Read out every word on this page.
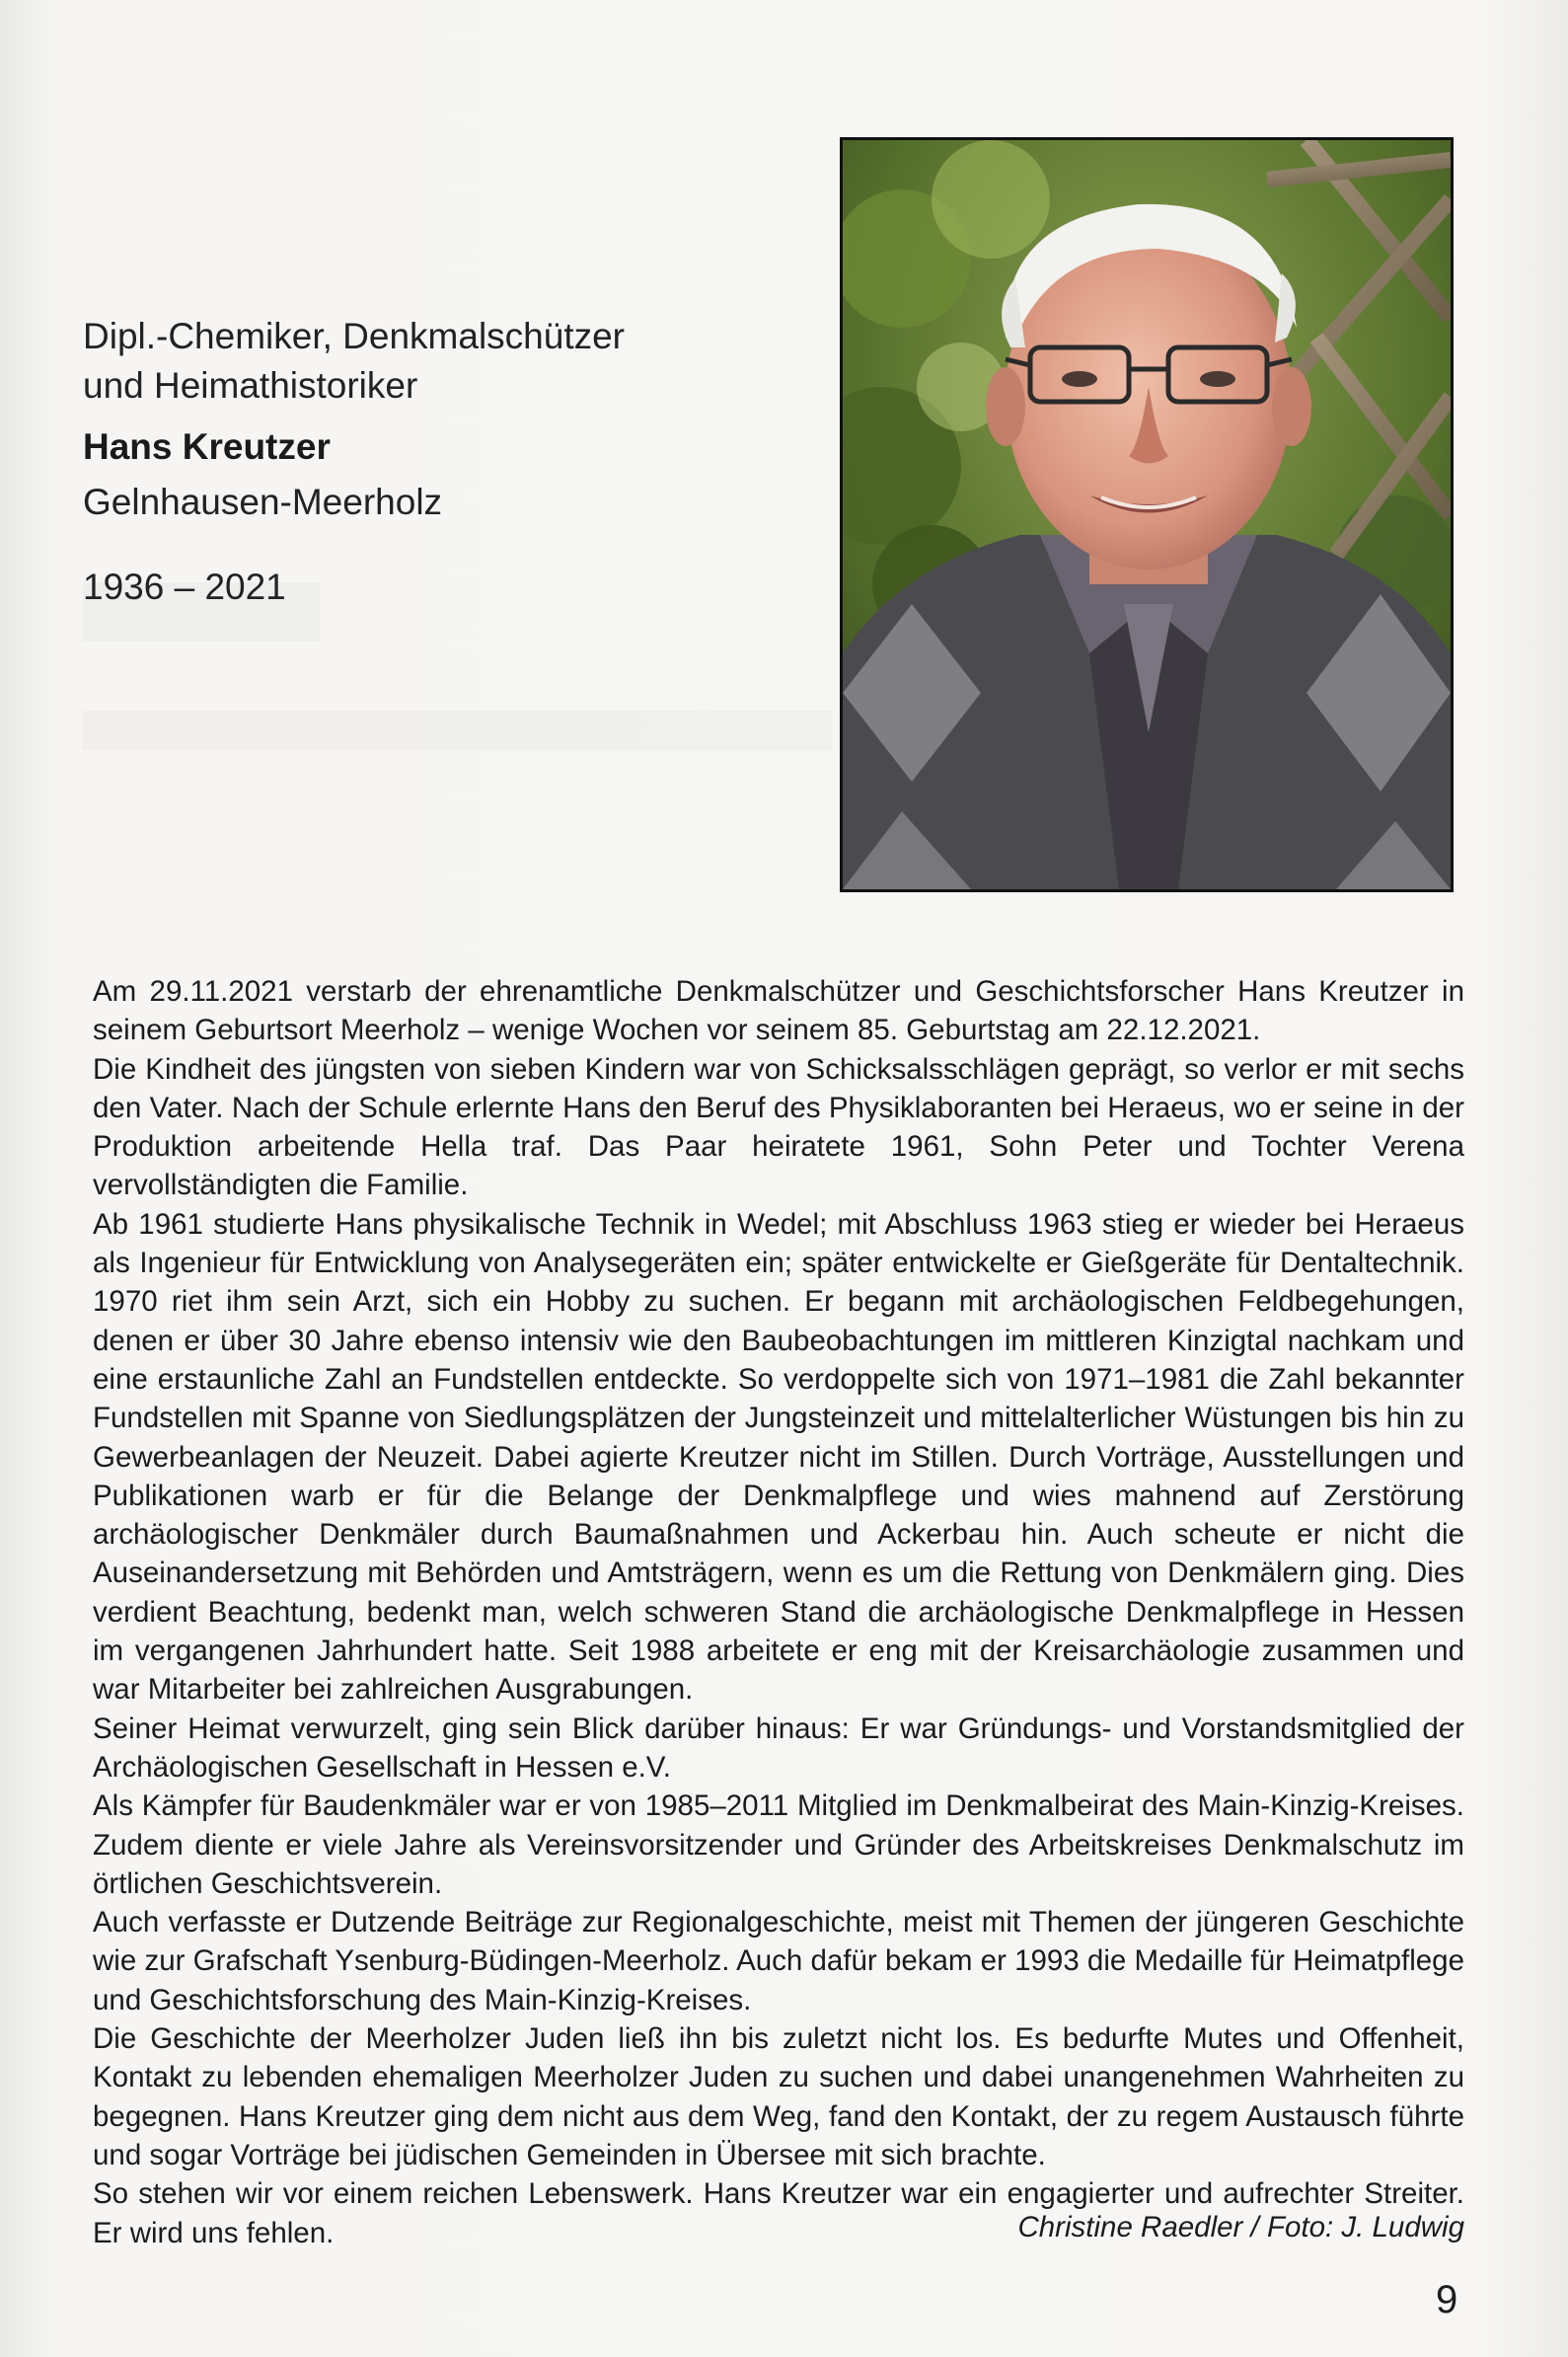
Dipl.-Chemiker, Denkmalschützer

und Heimathistoriker

Hans Kreutzer

Gelnhausen-Meerholz

1936 – 2021

Am 29.11.2021 verstarb der ehrenamtliche Denkmalschützer und Geschichtsforscher Hans Kreutzer in seinem Geburtsort Meerholz – wenige Wochen vor seinem 85. Geburtstag am 22.12.2021.

Die Kindheit des jüngsten von sieben Kindern war von Schicksalsschlägen geprägt, so verlor er mit sechs den Vater. Nach der Schule erlernte Hans den Beruf des Physiklaboranten bei Heraeus, wo er seine in der Produktion arbeitende Hella traf. Das Paar heiratete 1961, Sohn Peter und Tochter Verena vervollständigten die Familie.

Ab 1961 studierte Hans physikalische Technik in Wedel; mit Abschluss 1963 stieg er wieder bei Heraeus als Ingenieur für Entwicklung von Analysegeräten ein; später entwickelte er Gießgeräte für Dentaltechnik. 1970 riet ihm sein Arzt, sich ein Hobby zu suchen. Er begann mit archäologischen Feldbegehungen, denen er über 30 Jahre ebenso intensiv wie den Baubeobachtungen im mittleren Kinzigtal nachkam und eine erstaunliche Zahl an Fundstellen entdeckte. So verdoppelte sich von 1971–1981 die Zahl bekannter Fundstellen mit Spanne von Siedlungsplätzen der Jungsteinzeit und mittelalterlicher Wüstungen bis hin zu Gewerbeanlagen der Neuzeit. Dabei agierte Kreutzer nicht im Stillen. Durch Vorträge, Ausstellungen und Publikationen warb er für die Belange der Denkmalpflege und wies mahnend auf Zerstörung archäologischer Denkmäler durch Baumaßnahmen und Ackerbau hin. Auch scheute er nicht die Auseinandersetzung mit Behörden und Amtsträgern, wenn es um die Rettung von Denkmälern ging. Dies verdient Beachtung, bedenkt man, welch schweren Stand die archäologische Denkmalpflege in Hessen im vergangenen Jahrhundert hatte. Seit 1988 arbeitete er eng mit der Kreisarchäologie zusammen und war Mitarbeiter bei zahlreichen Ausgrabungen.

Seiner Heimat verwurzelt, ging sein Blick darüber hinaus: Er war Gründungs- und Vorstandsmitglied der Archäologischen Gesellschaft in Hessen e.V.

Als Kämpfer für Baudenkmäler war er von 1985–2011 Mitglied im Denkmalbeirat des Main-Kinzig-Kreises. Zudem diente er viele Jahre als Vereinsvorsitzender und Gründer des Arbeitskreises Denkmalschutz im örtlichen Geschichtsverein.

Auch verfasste er Dutzende Beiträge zur Regionalgeschichte, meist mit Themen der jüngeren Geschichte wie zur Grafschaft Ysenburg-Büdingen-Meerholz. Auch dafür bekam er 1993 die Medaille für Heimatpflege und Geschichtsforschung des Main-Kinzig-Kreises.

Die Geschichte der Meerholzer Juden ließ ihn bis zuletzt nicht los. Es bedurfte Mutes und Offenheit, Kontakt zu lebenden ehemaligen Meerholzer Juden zu suchen und dabei unangenehmen Wahrheiten zu begegnen. Hans Kreutzer ging dem nicht aus dem Weg, fand den Kontakt, der zu regem Austausch führte und sogar Vorträge bei jüdischen Gemeinden in Übersee mit sich brachte.

So stehen wir vor einem reichen Lebenswerk. Hans Kreutzer war ein engagierter und aufrechter Streiter. Er wird uns fehlen.	Christine Raedler / Foto: J. Ludwig
9
